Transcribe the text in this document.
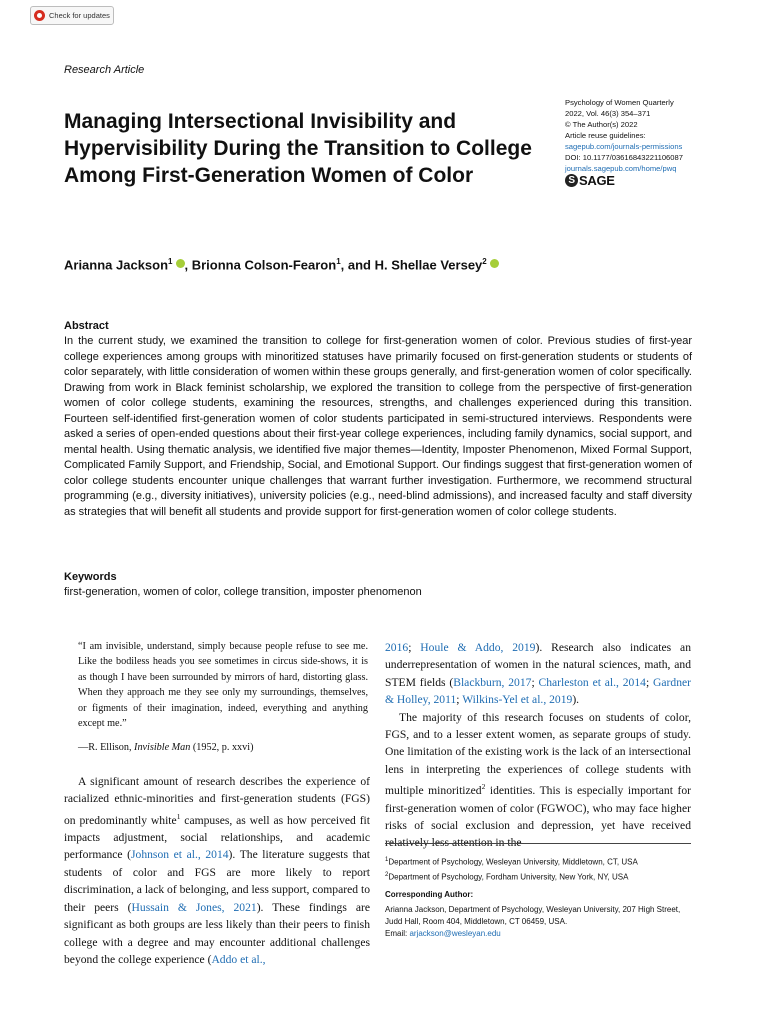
Check for updates
Research Article
Managing Intersectional Invisibility and Hypervisibility During the Transition to College Among First-Generation Women of Color
Psychology of Women Quarterly
2022, Vol. 46(3) 354–371
© The Author(s) 2022
Article reuse guidelines:
sagepub.com/journals-permissions
DOI: 10.1177/03616843221106087
journals.sagepub.com/home/pwq
S SAGE
Arianna Jackson$^1$ , Brionna Colson-Fearon$^1$, and H. Shellae Versey$^2$
Abstract
In the current study, we examined the transition to college for first-generation women of color. Previous studies of first-year college experiences among groups with minoritized statuses have primarily focused on first-generation students or students of color separately, with little consideration of women within these groups generally, and first-generation women of color specifically. Drawing from work in Black feminist scholarship, we explored the transition to college from the perspective of first-generation women of color college students, examining the resources, strengths, and challenges experienced during this transition. Fourteen self-identified first-generation women of color students participated in semi-structured interviews. Respondents were asked a series of open-ended questions about their first-year college experiences, including family dynamics, social support, and mental health. Using thematic analysis, we identified five major themes—Identity, Imposter Phenomenon, Mixed Formal Support, Complicated Family Support, and Friendship, Social, and Emotional Support. Our findings suggest that first-generation women of color college students encounter unique challenges that warrant further investigation. Furthermore, we recommend structural programming (e.g., diversity initiatives), university policies (e.g., need-blind admissions), and increased faculty and staff diversity as strategies that will benefit all students and provide support for first-generation women of color college students.
Keywords
first-generation, women of color, college transition, imposter phenomenon
“I am invisible, understand, simply because people refuse to see me. Like the bodiless heads you see sometimes in circus side-shows, it is as though I have been surrounded by mirrors of hard, distorting glass. When they approach me they see only my surroundings, themselves, or figments of their imagination, indeed, everything and anything except me.”
—R. Ellison, Invisible Man (1952, p. xxvi)
A significant amount of research describes the experience of racialized ethnic-minorities and first-generation students (FGS) on predominantly white$^1$ campuses, as well as how perceived fit impacts adjustment, social relationships, and academic performance (Johnson et al., 2014). The literature suggests that students of color and FGS are more likely to report discrimination, a lack of belonging, and less support, compared to their peers (Hussain & Jones, 2021). These findings are significant as both groups are less likely than their peers to finish college with a degree and may encounter additional challenges beyond the college experience (Addo et al.,

2016; Houle & Addo, 2019). Research also indicates an underrepresentation of women in the natural sciences, math, and STEM fields (Blackburn, 2017; Charleston et al., 2014; Gardner & Holley, 2011; Wilkins-Yel et al., 2019).

The majority of this research focuses on students of color, FGS, and to a lesser extent women, as separate groups of study. One limitation of the existing work is the lack of an intersectional lens in interpreting the experiences of college students with multiple minoritized$^2$ identities. This is especially important for first-generation women of color (FGWOC), who may face higher risks of social exclusion and depression, yet have received relatively less attention in the

$^1$Department of Psychology, Wesleyan University, Middletown, CT, USA
$^2$Department of Psychology, Fordham University, New York, NY, USA
Corresponding Author:
Arianna Jackson, Department of Psychology, Wesleyan University, 207 High Street, Judd Hall, Room 404, Middletown, CT 06459, USA.
Email: arjackson@wesleyan.edu
